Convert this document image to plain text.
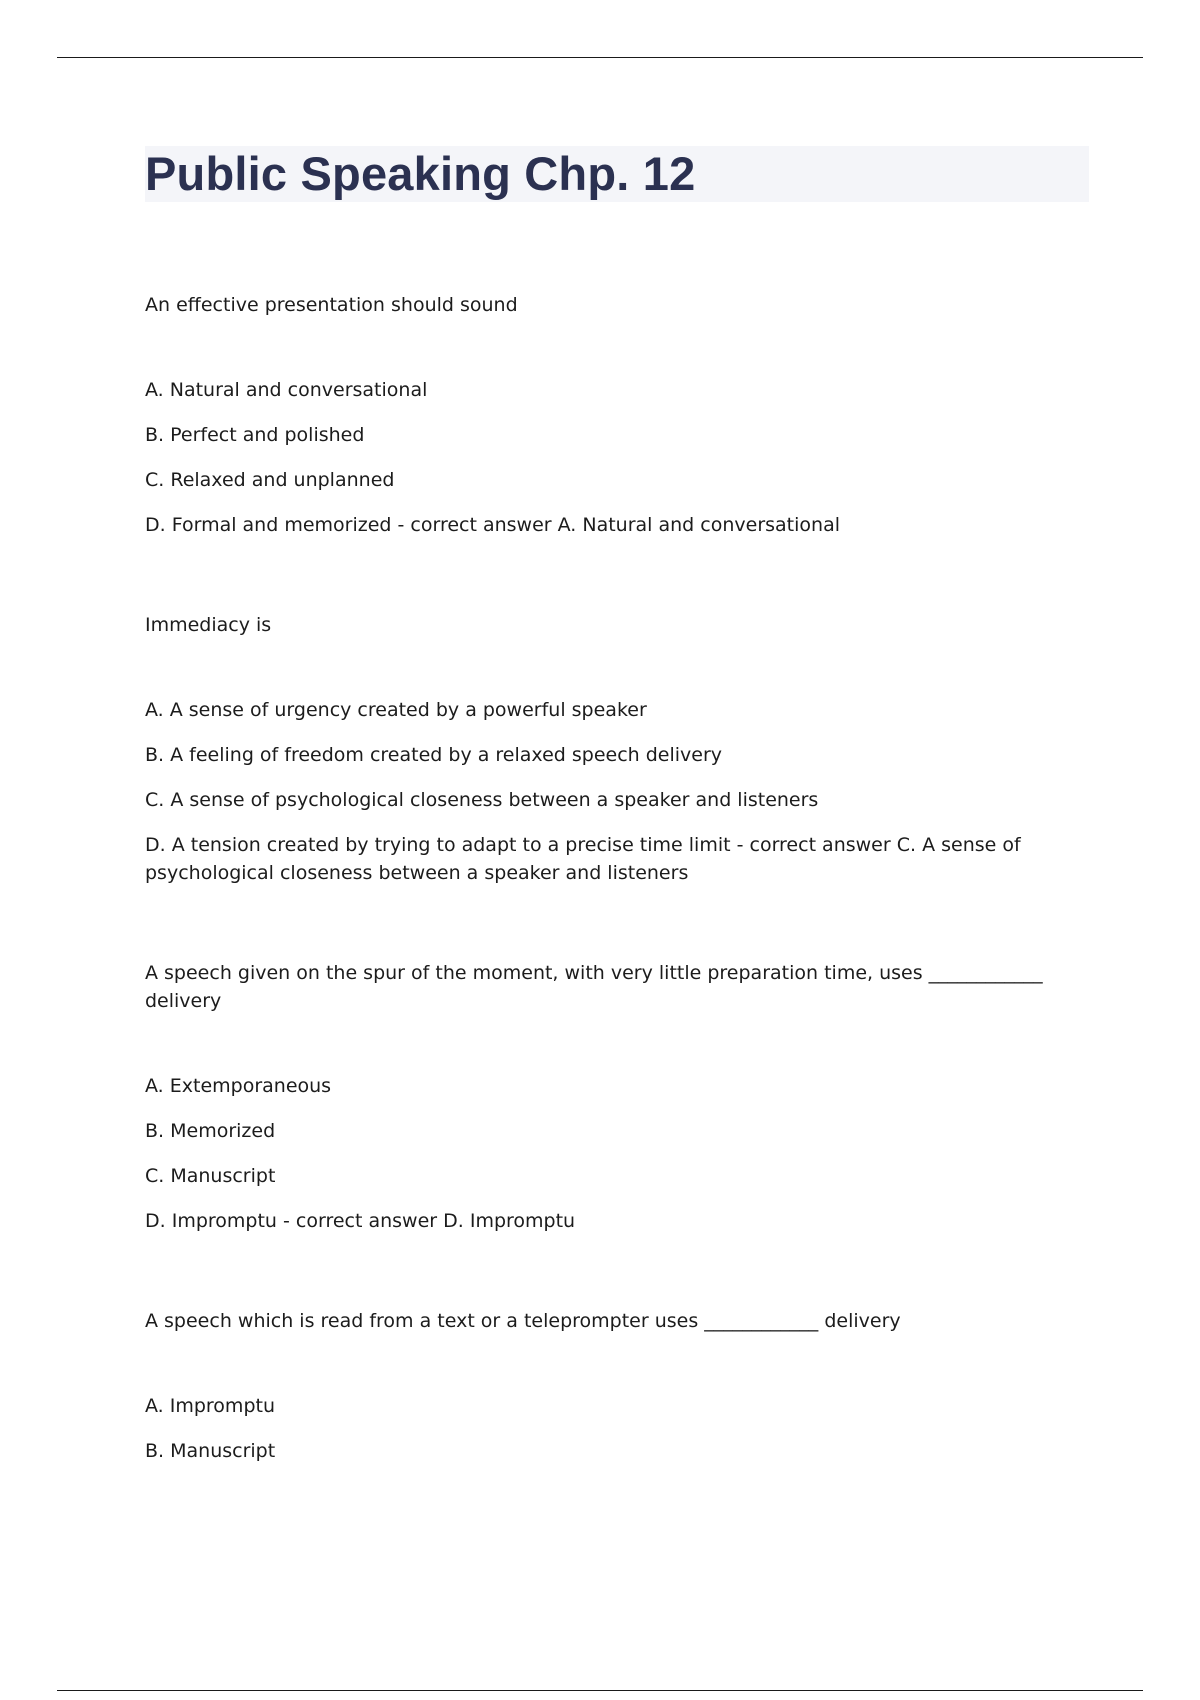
Public Speaking Chp. 12

An effective presentation should sound

A. Natural and conversational

B. Perfect and polished

C. Relaxed and unplanned

D. Formal and memorized - correct answer A. Natural and conversational

Immediacy is

A. A sense of urgency created by a powerful speaker

B. A feeling of freedom created by a relaxed speech delivery

C. A sense of psychological closeness between a speaker and listeners

D. A tension created by trying to adapt to a precise time limit - correct answer C. A sense of psychological closeness between a speaker and listeners

A speech given on the spur of the moment, with very little preparation time, uses ____________ delivery

A. Extemporaneous

B. Memorized

C. Manuscript

D. Impromptu - correct answer D. Impromptu

A speech which is read from a text or a teleprompter uses ____________ delivery

A. Impromptu

B. Manuscript
